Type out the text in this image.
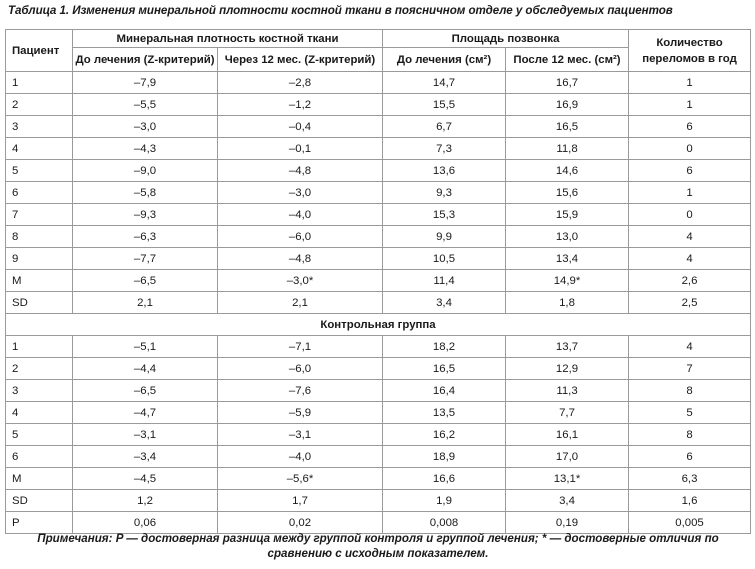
Таблица 1. Изменения минеральной плотности костной ткани в поясничном отделе у обследуемых пациентов
Пациент	Минеральная плотность костной ткани		Площадь позвонка		Количество переломов в год
	До лечения (Z-критерий)	Через 12 мес. (Z-критерий)	До лечения (см²)	После 12 мес. (см²)	
1	–7,9	–2,8	14,7	16,7	1
2	–5,5	–1,2	15,5	16,9	1
3	–3,0	–0,4	6,7	16,5	6
4	–4,3	–0,1	7,3	11,8	0
5	–9,0	–4,8	13,6	14,6	6
6	–5,8	–3,0	9,3	15,6	1
7	–9,3	–4,0	15,3	15,9	0
8	–6,3	–6,0	9,9	13,0	4
9	–7,7	–4,8	10,5	13,4	4
M	–6,5	–3,0*	11,4	14,9*	2,6
SD	2,1	2,1	3,4	1,8	2,5
Контрольная группа					
1	–5,1	–7,1	18,2	13,7	4
2	–4,4	–6,0	16,5	12,9	7
3	–6,5	–7,6	16,4	11,3	8
4	–4,7	–5,9	13,5	7,7	5
5	–3,1	–3,1	16,2	16,1	8
6	–3,4	–4,0	18,9	17,0	6
M	–4,5	–5,6*	16,6	13,1*	6,3
SD	1,2	1,7	1,9	3,4	1,6
P	0,06	0,02	0,008	0,19	0,005
Примечания: P — достоверная разница между группой контроля и группой лечения; * — достоверные отличия по сравнению с исходным показателем.
